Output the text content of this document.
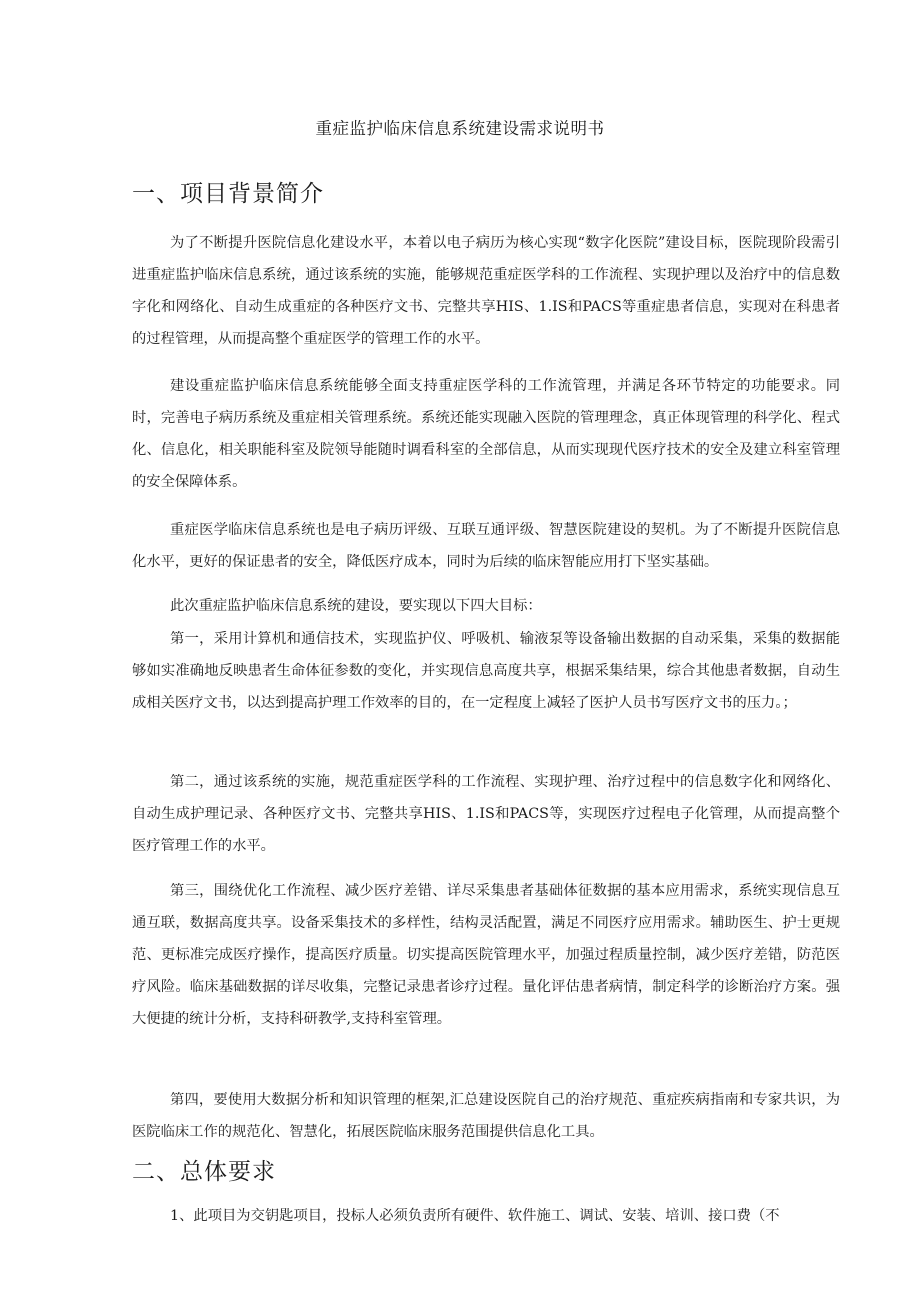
重症监护临床信息系统建设需求说明书
一、项目背景简介

为了不断提升医院信息化建设水平，本着以电子病历为核心实现“数字化医院”建设目标，医院现阶段需引进重症监护临床信息系统，通过该系统的实施，能够规范重症医学科的工作流程、实现护理以及治疗中的信息数字化和网络化、自动生成重症的各种医疗文书、完整共享HIS、1.IS和PACS等重症患者信息，实现对在科患者的过程管理，从而提高整个重症医学的管理工作的水平。

建设重症监护临床信息系统能够全面支持重症医学科的工作流管理，并满足各环节特定的功能要求。同时，完善电子病历系统及重症相关管理系统。系统还能实现融入医院的管理理念，真正体现管理的科学化、程式化、信息化，相关职能科室及院领导能随时调看科室的全部信息，从而实现现代医疗技术的安全及建立科室管理的安全保障体系。

重症医学临床信息系统也是电子病历评级、互联互通评级、智慧医院建设的契机。为了不断提升医院信息化水平，更好的保证患者的安全，降低医疗成本，同时为后续的临床智能应用打下坚实基础。

此次重症监护临床信息系统的建设，要实现以下四大目标：

第一，采用计算机和通信技术，实现监护仪、呼吸机、输液泵等设备输出数据的自动采集，采集的数据能够如实准确地反映患者生命体征参数的变化，并实现信息高度共享，根据采集结果，综合其他患者数据，自动生成相关医疗文书，以达到提高护理工作效率的目的，在一定程度上减轻了医护人员书写医疗文书的压力。；

第二，通过该系统的实施，规范重症医学科的工作流程、实现护理、治疗过程中的信息数字化和网络化、自动生成护理记录、各种医疗文书、完整共享HIS、1.IS和PACS等，实现医疗过程电子化管理，从而提高整个医疗管理工作的水平。

第三，围绕优化工作流程、减少医疗差错、详尽采集患者基础体征数据的基本应用需求，系统实现信息互通互联，数据高度共享。设备采集技术的多样性，结构灵活配置，满足不同医疗应用需求。辅助医生、护士更规范、更标准完成医疗操作，提高医疗质量。切实提高医院管理水平，加强过程质量控制，减少医疗差错，防范医疗风险。临床基础数据的详尽收集，完整记录患者诊疗过程。量化评估患者病情，制定科学的诊断治疗方案。强大便捷的统计分析，支持科研教学,支持科室管理。

第四，要使用大数据分析和知识管理的框架,汇总建设医院自己的治疗规范、重症疾病指南和专家共识，为医院临床工作的规范化、智慧化，拓展医院临床服务范围提供信息化工具。

二、总体要求

1、此项目为交钥匙项目，投标人必须负责所有硬件、软件施工、调试、安装、培训、接口费（不
